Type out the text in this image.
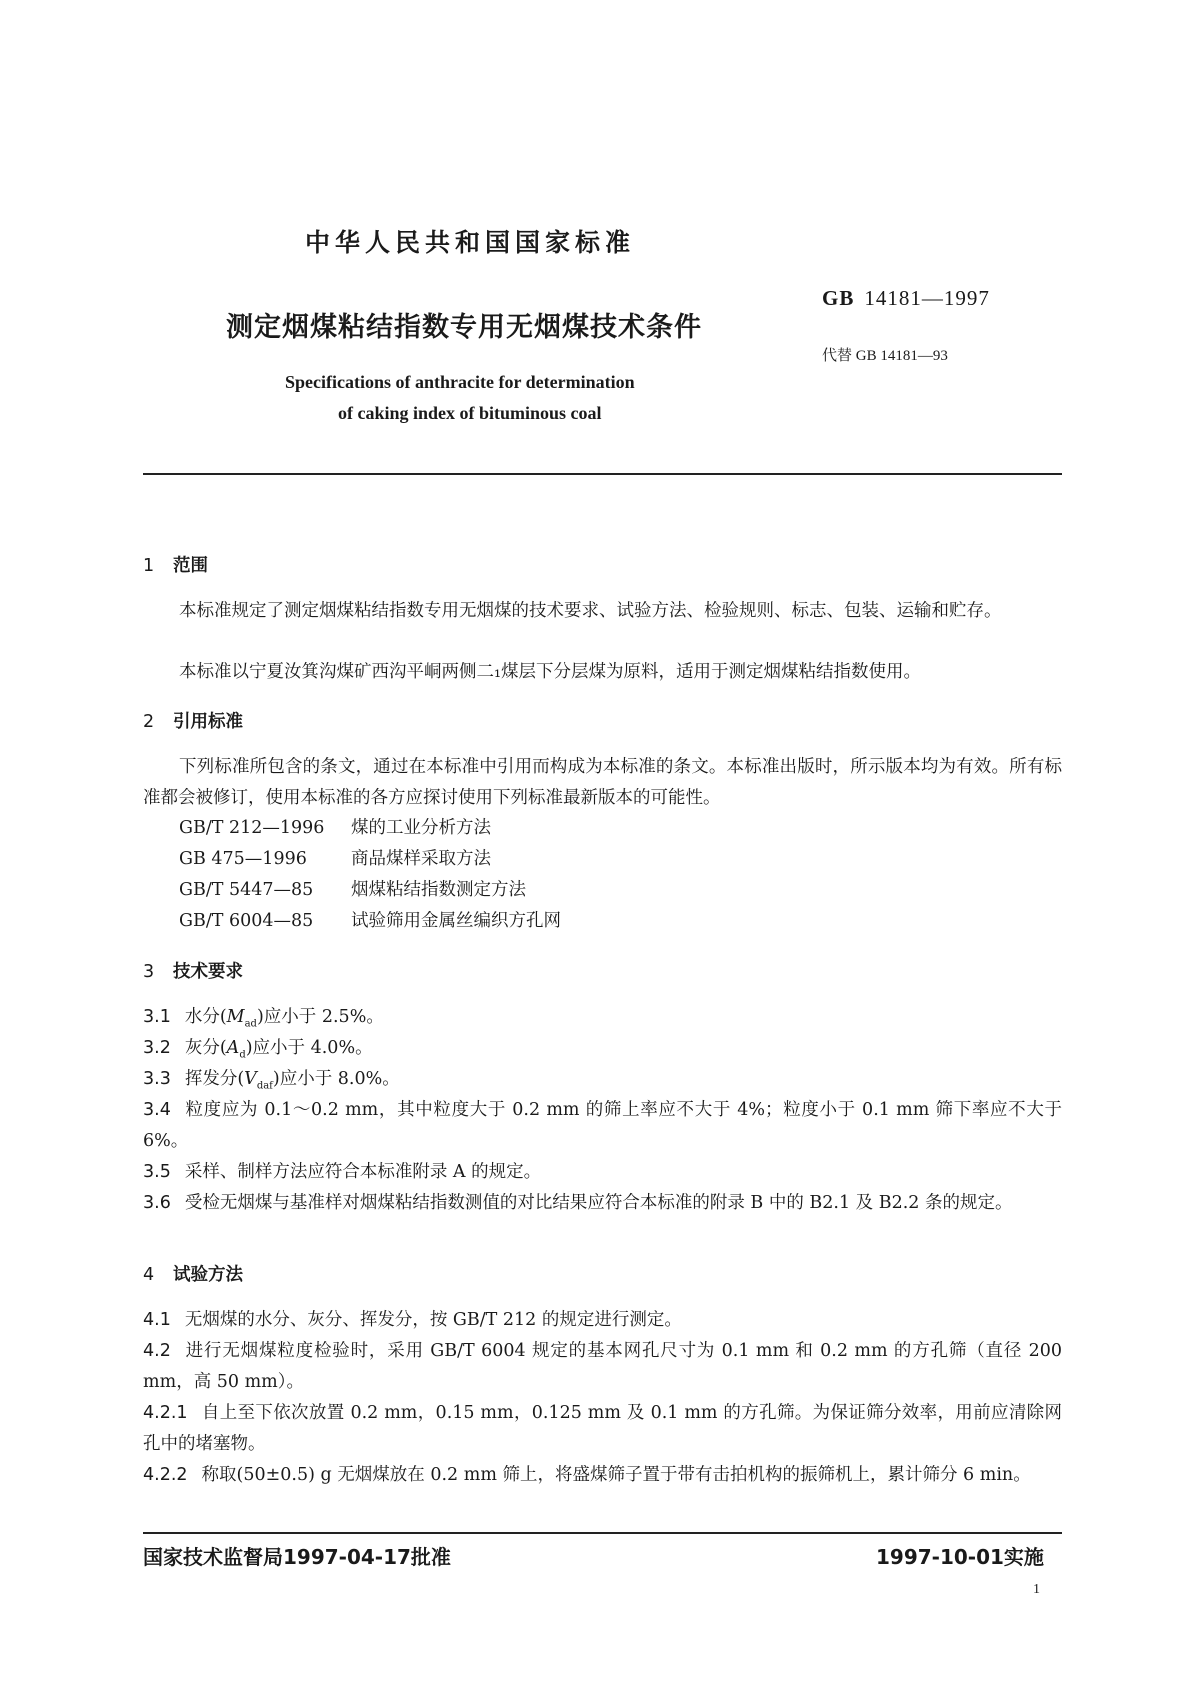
中华人民共和国国家标准
GB 14181—1997
测定烟煤粘结指数专用无烟煤技术条件
代替 GB 14181—93
Specifications of anthracite for determination
of caking index of bituminous coal
1 范围
本标准规定了测定烟煤粘结指数专用无烟煤的技术要求、试验方法、检验规则、标志、包装、运输和贮存。
本标准以宁夏汝箕沟煤矿西沟平峒两侧二₁煤层下分层煤为原料，适用于测定烟煤粘结指数使用。
2 引用标准
下列标准所包含的条文，通过在本标准中引用而构成为本标准的条文。本标准出版时，所示版本均为有效。所有标准都会被修订，使用本标准的各方应探讨使用下列标准最新版本的可能性。
GB/T 212—1996 煤的工业分析方法
GB 475—1996	商品煤样采取方法
GB/T 5447—85 烟煤粘结指数测定方法
GB/T 6004—85 试验筛用金属丝编织方孔网
3 技术要求
3.1 水分$(M_{ad})$应小于 2.5%。
3.2 灰分$(A_d)$应小于 4.0%。
3.3 挥发分$(V_{daf})$应小于 8.0%。
3.4 粒度应为 0.1～0.2 mm，其中粒度大于 0.2 mm 的筛上率应不大于 4%；粒度小于 0.1 mm 筛下率应不大于 6%。
3.5 采样、制样方法应符合本标准附录 A 的规定。
3.6 受检无烟煤与基准样对烟煤粘结指数测值的对比结果应符合本标准的附录 B 中的 B2.1 及 B2.2 条的规定。
4 试验方法
4.1 无烟煤的水分、灰分、挥发分，按 GB/T 212 的规定进行测定。
4.2 进行无烟煤粒度检验时，采用 GB/T 6004 规定的基本网孔尺寸为 0.1 mm 和 0.2 mm 的方孔筛（直径 200 mm，高 50 mm）。
4.2.1 自上至下依次放置 0.2 mm，0.15 mm，0.125 mm 及 0.1 mm 的方孔筛。为保证筛分效率，用前应清除网孔中的堵塞物。
4.2.2 称取(50±0.5) g 无烟煤放在 0.2 mm 筛上，将盛煤筛子置于带有击拍机构的振筛机上，累计筛分 6 min。
国家技术监督局1997-04-17批准	1997-10-01实施
1
